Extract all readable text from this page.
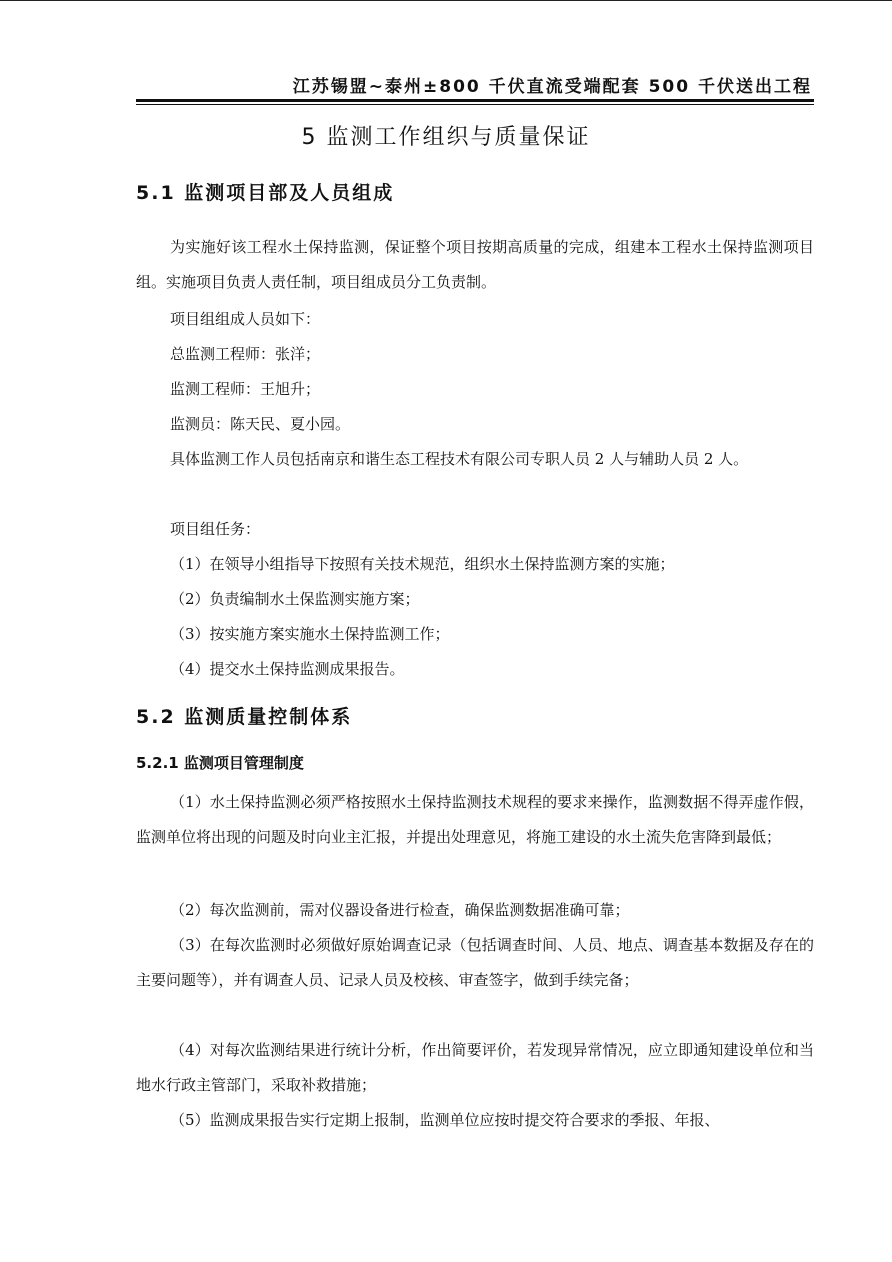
江苏锡盟~泰州±800 千伏直流受端配套 500 千伏送出工程
5 监测工作组织与质量保证
5.1 监测项目部及人员组成
为实施好该工程水土保持监测，保证整个项目按期高质量的完成，组建本工程水土保持监测项目组。实施项目负责人责任制，项目组成员分工负责制。
项目组组成人员如下：
总监测工程师：张洋；
监测工程师：王旭升；
监测员：陈天民、夏小园。
具体监测工作人员包括南京和谐生态工程技术有限公司专职人员 2 人与辅助人员 2 人。
项目组任务：
（1）在领导小组指导下按照有关技术规范，组织水土保持监测方案的实施；
（2）负责编制水土保监测实施方案；
（3）按实施方案实施水土保持监测工作；
（4）提交水土保持监测成果报告。
5.2 监测质量控制体系
5.2.1 监测项目管理制度
（1）水土保持监测必须严格按照水土保持监测技术规程的要求来操作，监测数据不得弄虚作假，监测单位将出现的问题及时向业主汇报，并提出处理意见，将施工建设的水土流失危害降到最低；
（2）每次监测前，需对仪器设备进行检查，确保监测数据准确可靠；
（3）在每次监测时必须做好原始调查记录（包括调查时间、人员、地点、调查基本数据及存在的主要问题等），并有调查人员、记录人员及校核、审查签字，做到手续完备；
（4）对每次监测结果进行统计分析，作出简要评价，若发现异常情况，应立即通知建设单位和当地水行政主管部门，采取补救措施；
（5）监测成果报告实行定期上报制，监测单位应按时提交符合要求的季报、年报、
